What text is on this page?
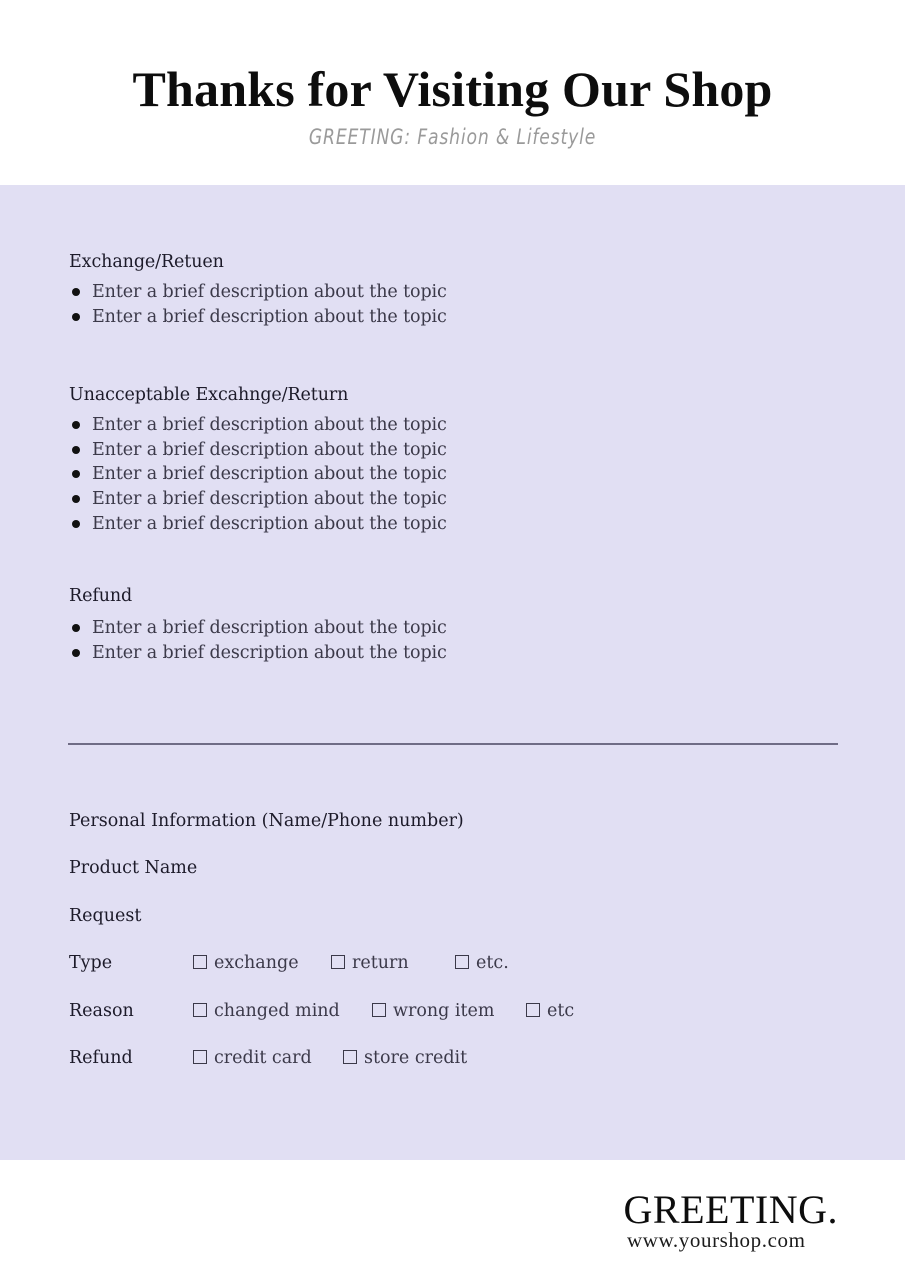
Thanks for Visiting Our Shop
GREETING: Fashion & Lifestyle
Exchange/Retuen
Enter a brief description about the topic
Enter a brief description about the topic
Unacceptable Excahnge/Return
Enter a brief description about the topic
Enter a brief description about the topic
Enter a brief description about the topic
Enter a brief description about the topic
Enter a brief description about the topic
Refund
Enter a brief description about the topic
Enter a brief description about the topic
Personal Information (Name/Phone number)
Product Name
Request
Type	exchange	return	etc.
Reason	changed mind	wrong item	etc
Refund	credit card	store credit
GREETING.
www.yourshop.com
